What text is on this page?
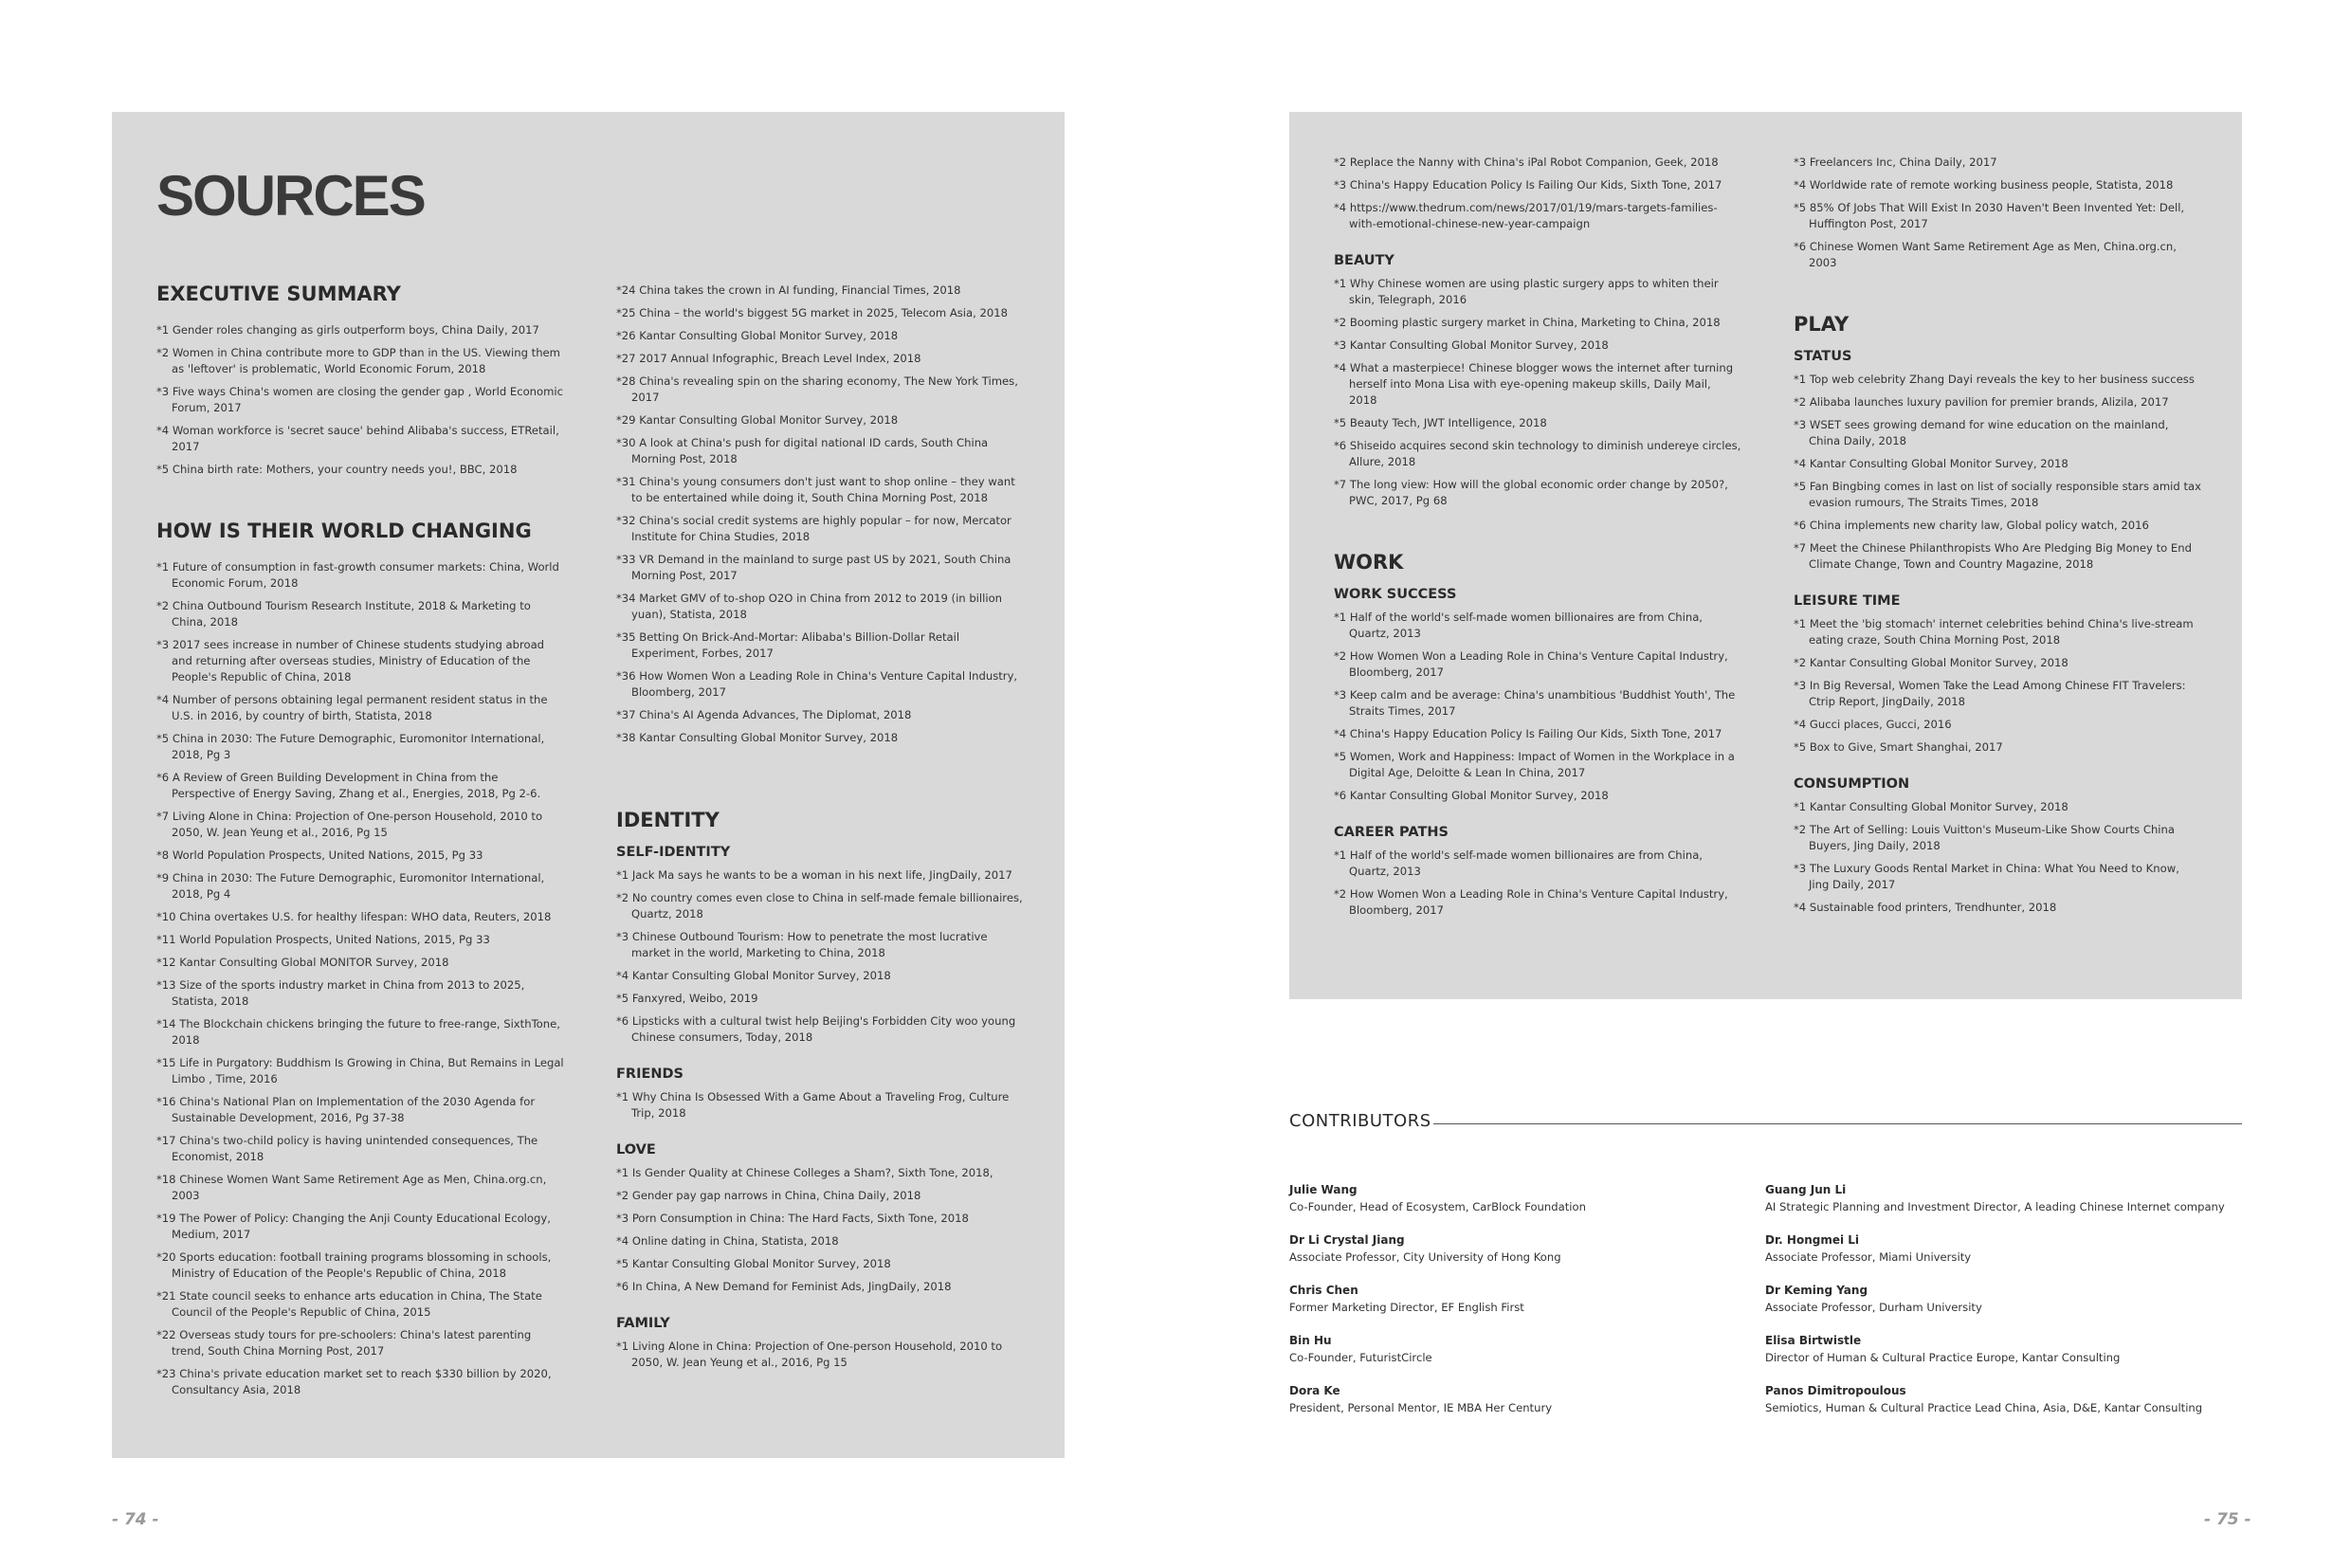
SOURCES
EXECUTIVE SUMMARY
*1 Gender roles changing as girls outperform boys, China Daily, 2017
*2 Women in China contribute more to GDP than in the US. Viewing them as 'leftover' is problematic, World Economic Forum, 2018
*3 Five ways China's women are closing the gender gap , World Economic Forum, 2017
*4 Woman workforce is 'secret sauce' behind Alibaba's success, ETRetail, 2017
*5 China birth rate: Mothers, your country needs you!, BBC, 2018
HOW IS THEIR WORLD CHANGING
*1 Future of consumption in fast-growth consumer markets: China, World Economic Forum, 2018
*2 China Outbound Tourism Research Institute, 2018 & Marketing to China, 2018
*3 2017 sees increase in number of Chinese students studying abroad and returning after overseas studies, Ministry of Education of the People's Republic of China, 2018
*4 Number of persons obtaining legal permanent resident status in the U.S. in 2016, by country of birth, Statista, 2018
*5 China in 2030: The Future Demographic, Euromonitor International, 2018, Pg 3
*6 A Review of Green Building Development in China from the Perspective of Energy Saving, Zhang et al., Energies, 2018, Pg 2-6.
*7 Living Alone in China: Projection of One-person Household, 2010 to 2050, W. Jean Yeung et al., 2016, Pg 15
*8 World Population Prospects, United Nations, 2015, Pg 33
*9 China in 2030: The Future Demographic, Euromonitor International, 2018, Pg 4
*10 China overtakes U.S. for healthy lifespan: WHO data, Reuters, 2018
*11 World Population Prospects, United Nations, 2015, Pg 33
*12 Kantar Consulting Global MONITOR Survey, 2018
*13 Size of the sports industry market in China from 2013 to 2025, Statista, 2018
*14 The Blockchain chickens bringing the future to free-range, SixthTone, 2018
*15 Life in Purgatory: Buddhism Is Growing in China, But Remains in Legal Limbo , Time, 2016
*16 China's National Plan on Implementation of the 2030 Agenda for Sustainable Development, 2016, Pg 37-38
*17 China's two-child policy is having unintended consequences, The Economist, 2018
*18 Chinese Women Want Same Retirement Age as Men, China.org.cn, 2003
*19 The Power of Policy: Changing the Anji County Educational Ecology, Medium, 2017
*20 Sports education: football training programs blossoming in schools, Ministry of Education of the People's Republic of China, 2018
*21 State council seeks to enhance arts education in China, The State Council of the People's Republic of China, 2015
*22 Overseas study tours for pre-schoolers: China's latest parenting trend, South China Morning Post, 2017
*23 China's private education market set to reach $330 billion by 2020, Consultancy Asia, 2018
*24 China takes the crown in AI funding, Financial Times, 2018
*25 China – the world's biggest 5G market in 2025, Telecom Asia, 2018
*26 Kantar Consulting Global Monitor Survey, 2018
*27 2017 Annual Infographic, Breach Level Index, 2018
*28 China's revealing spin on the sharing economy, The New York Times, 2017
*29 Kantar Consulting Global Monitor Survey, 2018
*30 A look at China's push for digital national ID cards, South China Morning Post, 2018
*31 China's young consumers don't just want to shop online – they want to be entertained while doing it, South China Morning Post, 2018
*32 China's social credit systems are highly popular – for now, Mercator Institute for China Studies, 2018
*33 VR Demand in the mainland to surge past US by 2021, South China Morning Post, 2017
*34 Market GMV of to-shop O2O in China from 2012 to 2019 (in billion yuan), Statista, 2018
*35 Betting On Brick-And-Mortar: Alibaba's Billion-Dollar Retail Experiment, Forbes, 2017
*36 How Women Won a Leading Role in China's Venture Capital Industry, Bloomberg, 2017
*37 China's AI Agenda Advances, The Diplomat, 2018
*38 Kantar Consulting Global Monitor Survey, 2018
IDENTITY
SELF-IDENTITY
*1 Jack Ma says he wants to be a woman in his next life, JingDaily, 2017
*2 No country comes even close to China in self-made female billionaires, Quartz, 2018
*3 Chinese Outbound Tourism: How to penetrate the most lucrative market in the world, Marketing to China, 2018
*4 Kantar Consulting Global Monitor Survey, 2018
*5 Fanxyred, Weibo, 2019
*6 Lipsticks with a cultural twist help Beijing's Forbidden City woo young Chinese consumers, Today, 2018
FRIENDS
*1 Why China Is Obsessed With a Game About a Traveling Frog, Culture Trip, 2018
LOVE
*1 Is Gender Quality at Chinese Colleges a Sham?, Sixth Tone, 2018,
*2 Gender pay gap narrows in China, China Daily, 2018
*3 Porn Consumption in China: The Hard Facts, Sixth Tone, 2018
*4 Online dating in China, Statista, 2018
*5 Kantar Consulting Global Monitor Survey, 2018
*6 In China, A New Demand for Feminist Ads, JingDaily, 2018
FAMILY
*1 Living Alone in China: Projection of One-person Household, 2010 to 2050, W. Jean Yeung et al., 2016, Pg 15
*2 Replace the Nanny with China's iPal Robot Companion, Geek, 2018
*3 China's Happy Education Policy Is Failing Our Kids, Sixth Tone, 2017
*4 https://www.thedrum.com/news/2017/01/19/mars-targets-families-with-emotional-chinese-new-year-campaign
BEAUTY
*1 Why Chinese women are using plastic surgery apps to whiten their skin, Telegraph, 2016
*2 Booming plastic surgery market in China, Marketing to China, 2018
*3 Kantar Consulting Global Monitor Survey, 2018
*4 What a masterpiece! Chinese blogger wows the internet after turning herself into Mona Lisa with eye-opening makeup skills, Daily Mail, 2018
*5 Beauty Tech, JWT Intelligence, 2018
*6 Shiseido acquires second skin technology to diminish undereye circles, Allure, 2018
*7 The long view: How will the global economic order change by 2050?, PWC, 2017, Pg 68
WORK
WORK SUCCESS
*1 Half of the world's self-made women billionaires are from China, Quartz, 2013
*2 How Women Won a Leading Role in China's Venture Capital Industry, Bloomberg, 2017
*3 Keep calm and be average: China's unambitious 'Buddhist Youth', The Straits Times, 2017
*4 China's Happy Education Policy Is Failing Our Kids, Sixth Tone, 2017
*5 Women, Work and Happiness: Impact of Women in the Workplace in a Digital Age, Deloitte & Lean In China, 2017
*6 Kantar Consulting Global Monitor Survey, 2018
CAREER PATHS
*1 Half of the world's self-made women billionaires are from China, Quartz, 2013
*2 How Women Won a Leading Role in China's Venture Capital Industry, Bloomberg, 2017
*3 Freelancers Inc, China Daily, 2017
*4 Worldwide rate of remote working business people, Statista, 2018
*5 85% Of Jobs That Will Exist In 2030 Haven't Been Invented Yet: Dell, Huffington Post, 2017
*6 Chinese Women Want Same Retirement Age as Men, China.org.cn, 2003
PLAY
STATUS
*1 Top web celebrity Zhang Dayi reveals the key to her business success
*2 Alibaba launches luxury pavilion for premier brands, Alizila, 2017
*3 WSET sees growing demand for wine education on the mainland, China Daily, 2018
*4 Kantar Consulting Global Monitor Survey, 2018
*5 Fan Bingbing comes in last on list of socially responsible stars amid tax evasion rumours, The Straits Times, 2018
*6 China implements new charity law, Global policy watch, 2016
*7 Meet the Chinese Philanthropists Who Are Pledging Big Money to End Climate Change, Town and Country Magazine, 2018
LEISURE TIME
*1 Meet the 'big stomach' internet celebrities behind China's live-stream eating craze, South China Morning Post, 2018
*2 Kantar Consulting Global Monitor Survey, 2018
*3 In Big Reversal, Women Take the Lead Among Chinese FIT Travelers: Ctrip Report, JingDaily, 2018
*4 Gucci places, Gucci, 2016
*5 Box to Give, Smart Shanghai, 2017
CONSUMPTION
*1 Kantar Consulting Global Monitor Survey, 2018
*2 The Art of Selling: Louis Vuitton's Museum-Like Show Courts China Buyers, Jing Daily, 2018
*3 The Luxury Goods Rental Market in China: What You Need to Know, Jing Daily, 2017
*4 Sustainable food printers, Trendhunter, 2018
CONTRIBUTORS
Julie Wang
Co-Founder, Head of Ecosystem, CarBlock Foundation
Dr Li Crystal Jiang
Associate Professor, City University of Hong Kong
Chris Chen
Former Marketing Director, EF English First
Bin Hu
Co-Founder, FuturistCircle
Dora Ke
President, Personal Mentor, IE MBA Her Century
Guang Jun Li
AI Strategic Planning and Investment Director, A leading Chinese Internet company
Dr. Hongmei Li
Associate Professor, Miami University
Dr Keming Yang
Associate Professor, Durham University
Elisa Birtwistle
Director of Human & Cultural Practice Europe, Kantar Consulting
Panos Dimitropoulous
Semiotics, Human & Cultural Practice Lead China, Asia, D&E, Kantar Consulting
- 74 -	- 75 -
